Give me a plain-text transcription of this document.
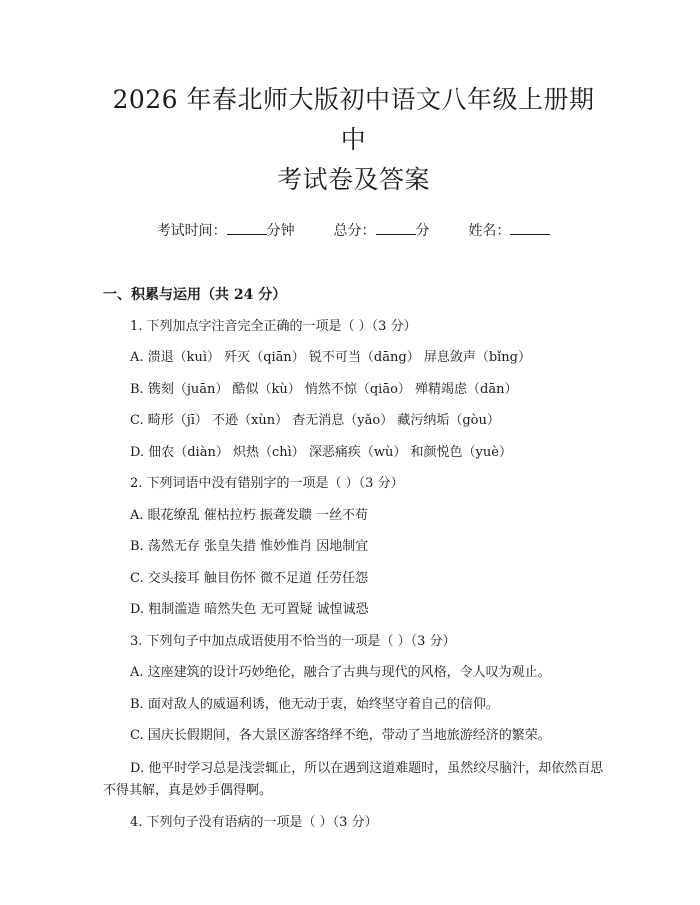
2026 年春北师大版初中语文八年级上册期中
考试卷及答案
考试时间：	分钟	总分：	分	姓名：
一、积累与运用（共 24 分）
1. 下列加点字注音完全正确的一项是（ ）（3 分）
A. 溃退（kuì） 歼灭（qiān） 锐不可当（dāng） 屏息敛声（bǐng）
B. 镌刻（juān） 酷似（kù） 悄然不惊（qiāo） 殚精竭虑（dān）
C. 畸形（jī） 不逊（xùn） 杳无消息（yǎo） 藏污纳垢（gòu）
D. 佃农（diàn） 炽热（chì） 深恶痛疾（wù） 和颜悦色（yuè）
2. 下列词语中没有错别字的一项是（ ）（3 分）
A. 眼花缭乱 催枯拉朽 振聋发聩 一丝不苟
B. 荡然无存 张皇失措 惟妙惟肖 因地制宜
C. 交头接耳 触目伤怀 微不足道 任劳任怨
D. 粗制滥造 暗然失色 无可置疑 诚惶诚恐
3. 下列句子中加点成语使用不恰当的一项是（ ）（3 分）
A. 这座建筑的设计巧妙绝伦，融合了古典与现代的风格，令人叹为观止。
B. 面对敌人的威逼利诱，他无动于衷，始终坚守着自己的信仰。
C. 国庆长假期间，各大景区游客络绎不绝，带动了当地旅游经济的繁荣。
D. 他平时学习总是浅尝辄止，所以在遇到这道难题时，虽然绞尽脑汁，却依然百思不得其解，真是妙手偶得啊。
4. 下列句子没有语病的一项是（ ）（3 分）
